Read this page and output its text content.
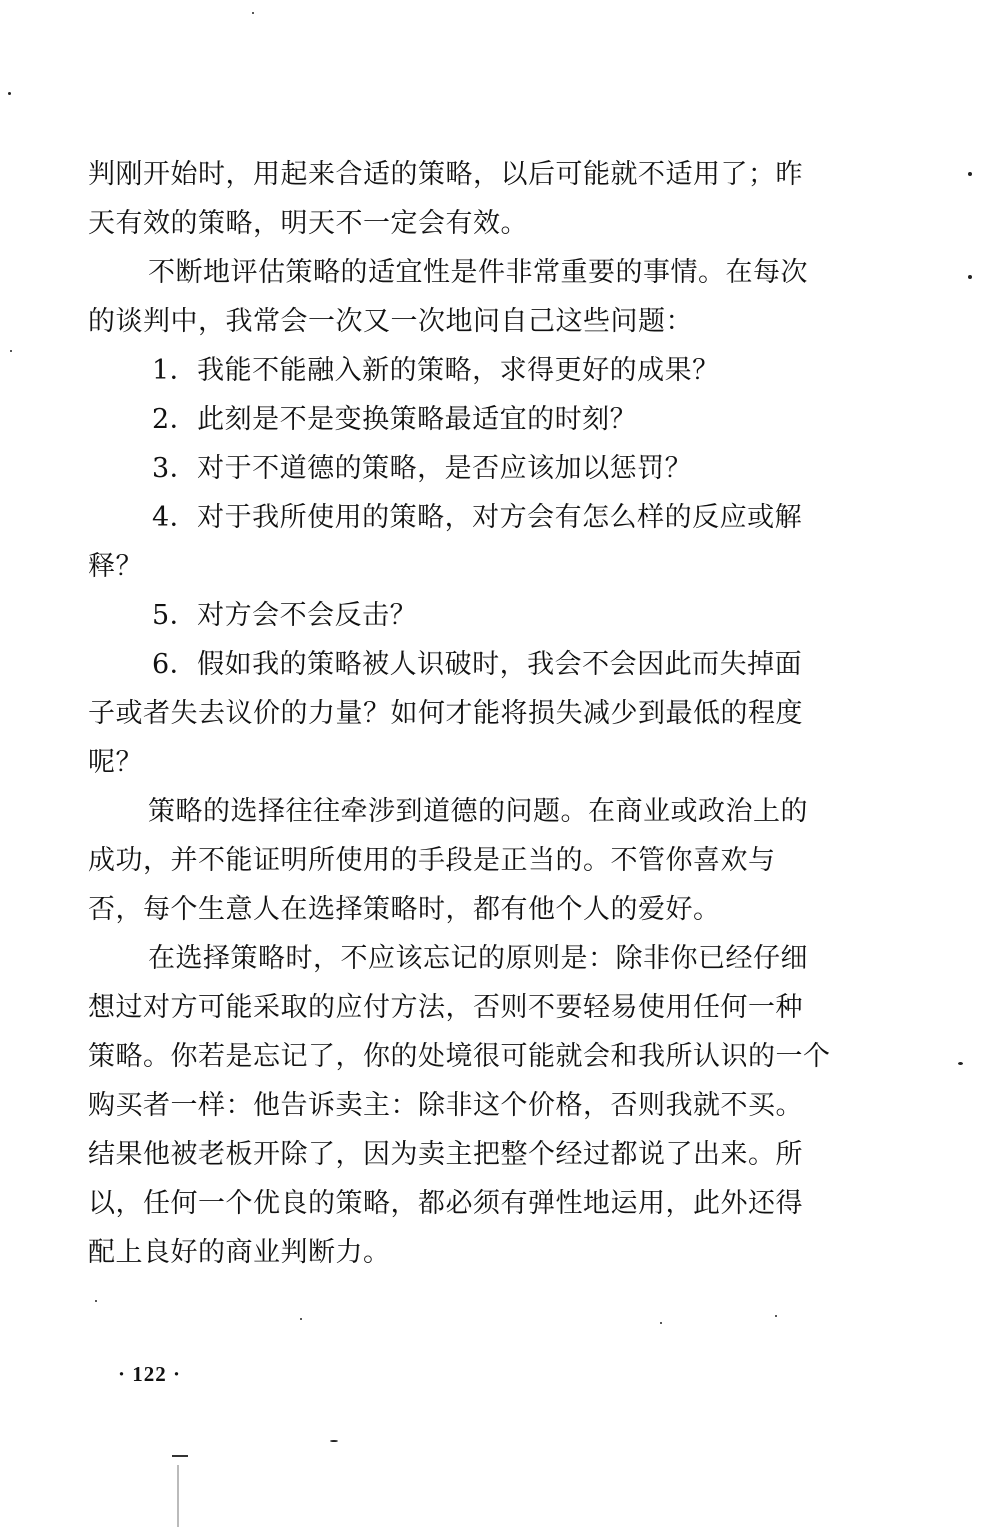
判刚开始时，用起来合适的策略，以后可能就不适用了；昨
天有效的策略，明天不一定会有效。
不断地评估策略的适宜性是件非常重要的事情。在每次
的谈判中，我常会一次又一次地问自己这些问题：
1．我能不能融入新的策略，求得更好的成果？
2．此刻是不是变换策略最适宜的时刻？
3．对于不道德的策略，是否应该加以惩罚？
4．对于我所使用的策略，对方会有怎么样的反应或解
释？
5．对方会不会反击？
6．假如我的策略被人识破时，我会不会因此而失掉面
子或者失去议价的力量？如何才能将损失减少到最低的程度
呢？
策略的选择往往牵涉到道德的问题。在商业或政治上的
成功，并不能证明所使用的手段是正当的。不管你喜欢与
否，每个生意人在选择策略时，都有他个人的爱好。
在选择策略时，不应该忘记的原则是：除非你已经仔细
想过对方可能采取的应付方法，否则不要轻易使用任何一种
策略。你若是忘记了，你的处境很可能就会和我所认识的一个
购买者一样：他告诉卖主：除非这个价格，否则我就不买。
结果他被老板开除了，因为卖主把整个经过都说了出来。所
以，任何一个优良的策略，都必须有弹性地运用，此外还得
配上良好的商业判断力。
· 122 ·
